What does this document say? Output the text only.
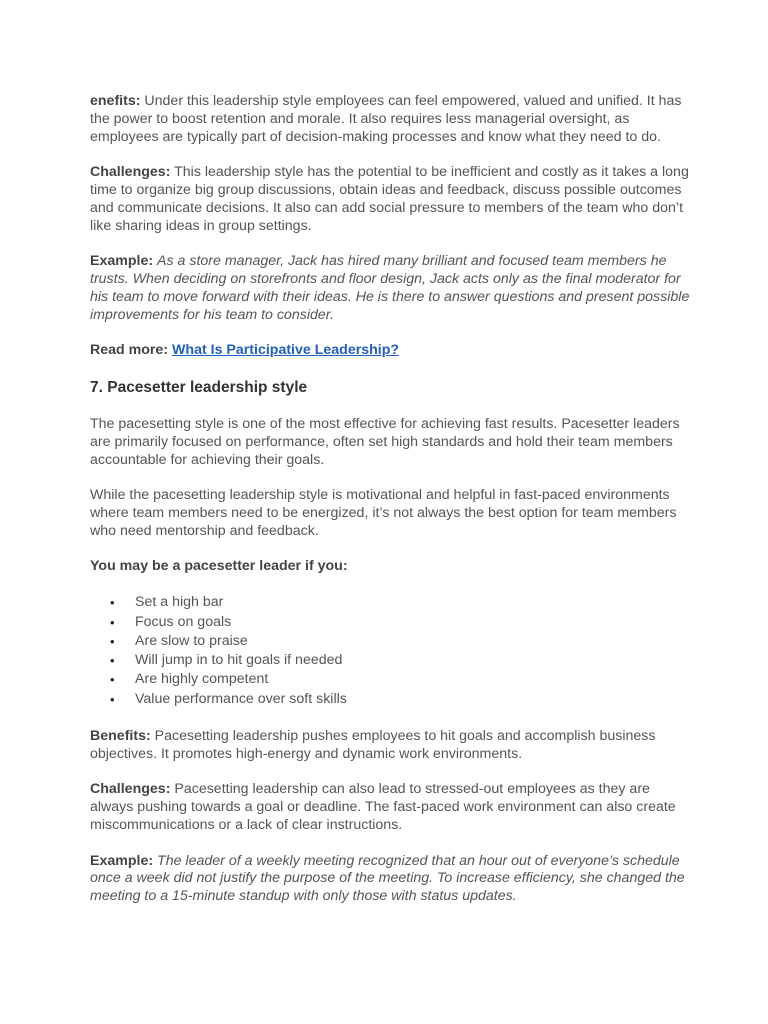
enefits: Under this leadership style employees can feel empowered, valued and unified. It has the power to boost retention and morale. It also requires less managerial oversight, as employees are typically part of decision-making processes and know what they need to do.

Challenges: This leadership style has the potential to be inefficient and costly as it takes a long time to organize big group discussions, obtain ideas and feedback, discuss possible outcomes and communicate decisions. It also can add social pressure to members of the team who don’t like sharing ideas in group settings.

Example: As a store manager, Jack has hired many brilliant and focused team members he trusts. When deciding on storefronts and floor design, Jack acts only as the final moderator for his team to move forward with their ideas. He is there to answer questions and present possible improvements for his team to consider.

Read more: What Is Participative Leadership?

7. Pacesetter leadership style

The pacesetting style is one of the most effective for achieving fast results. Pacesetter leaders are primarily focused on performance, often set high standards and hold their team members accountable for achieving their goals.

While the pacesetting leadership style is motivational and helpful in fast-paced environments where team members need to be energized, it’s not always the best option for team members who need mentorship and feedback.

You may be a pacesetter leader if you:

• Set a high bar
• Focus on goals
• Are slow to praise
• Will jump in to hit goals if needed
• Are highly competent
• Value performance over soft skills

Benefits: Pacesetting leadership pushes employees to hit goals and accomplish business objectives. It promotes high-energy and dynamic work environments.

Challenges: Pacesetting leadership can also lead to stressed-out employees as they are always pushing towards a goal or deadline. The fast-paced work environment can also create miscommunications or a lack of clear instructions.

Example: The leader of a weekly meeting recognized that an hour out of everyone’s schedule once a week did not justify the purpose of the meeting. To increase efficiency, she changed the meeting to a 15-minute standup with only those with status updates.
